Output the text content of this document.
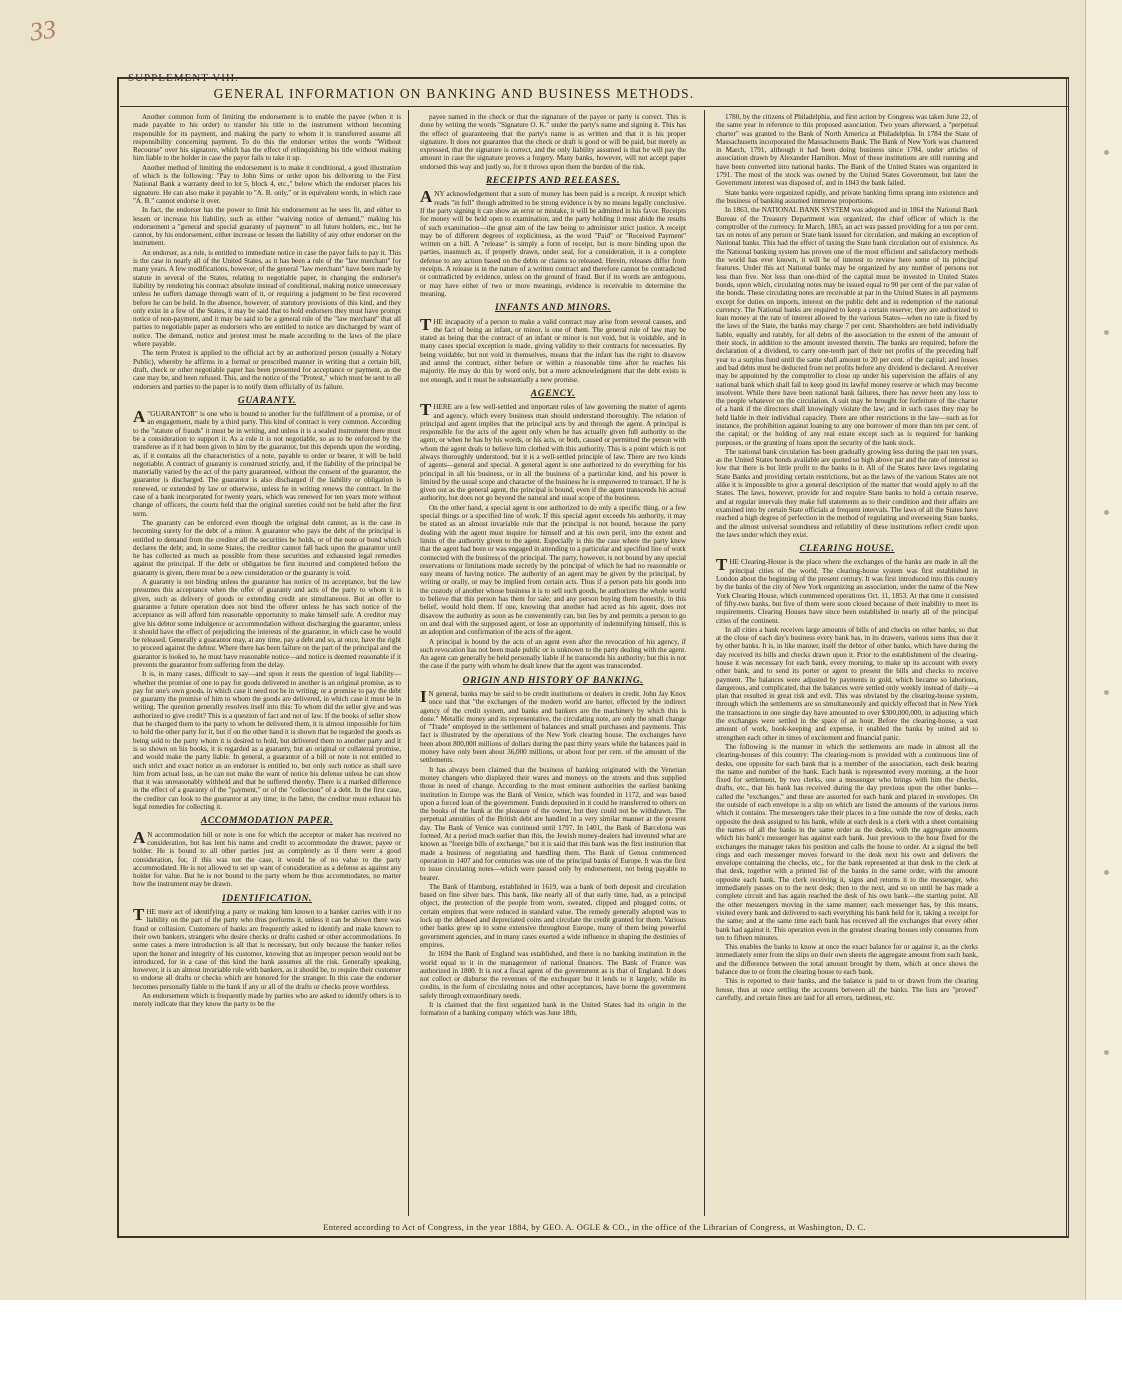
33
SUPPLEMENT VIII.
GENERAL INFORMATION ON BANKING AND BUSINESS METHODS.

Another common form of limiting the endorsement is to enable the payee (when it is made payable to his order) to transfer his title to the instrument without becoming responsible for its payment, and making the party to whom it is transferred assume all responsibility concerning payment. To do this the endorser writes the words "Without Recourse" over his signature, which has the effect of relinquishing his title without making him liable to the holder in case the payor fails to take it up.

Another method of limiting the endorsement is to make it conditional, a good illustration of which is the following: "Pay to John Sims or order upon his delivering to the First National Bank a warranty deed to lot 5, block 4, etc.," below which the endorser places his signature. He can also make it payable to "A. B. only," or in equivalent words, in which case "A. B." cannot endorse it over.

In fact, the endorser has the power to limit his endorsement as he sees fit, and either to lessen or increase his liability, such as either "waiving notice of demand," making his endorsement a "general and special guaranty of payment" to all future holders, etc., but he cannot, by his endorsement, either increase or lessen the liability of any other endorser on the instrument.

An endorser, as a rule, is entitled to immediate notice in case the payor fails to pay it. This is the case in nearly all of the United States, as it has been a rule of the "law merchant" for many years. A few modifications, however, of the general "law merchant" have been made by statute in several of the States, relating to negotiable paper, in changing the endorser's liability by rendering his contract absolute instead of conditional, making notice unnecessary unless he suffers damage through want of it, or requiring a judgment to be first recovered before he can be held. In the absence, however, of statutory provisions of this kind, and they only exist in a few of the States, it may be said that to hold endorsers they must have prompt notice of non-payment, and it may be said to be a general rule of the "law merchant" that all parties to negotiable paper as endorsers who are entitled to notice are discharged by want of notice. The demand, notice and protest must be made according to the laws of the place where payable.

The term Protest is applied to the official act by an authorized person (usually a Notary Public), whereby he affirms in a formal or prescribed manner in writing that a certain bill, draft, check or other negotiable paper has been presented for acceptance or payment, as the case may be, and been refused. This, and the notice of the "Protest," which must be sent to all endorsers and parties to the paper is to notify them officially of its failure.

GUARANTY.

A"GUARANTOR" is one who is bound to another for the fulfillment of a promise, or of an engagement, made by a third party. This kind of contract is very common. According to the "statute of frauds" it must be in writing, and unless it is a sealed instrument there must be a consideration to support it. As a rule it is not negotiable, so as to be enforced by the transferee as if it had been given to him by the guarantor, but this depends upon the wording, as, if it contains all the characteristics of a note, payable to order or bearer, it will be held negotiable. A contract of guaranty is construed strictly, and, if the liability of the principal be materially varied by the act of the party guaranteed, without the consent of the guarantor, the guarantor is discharged. The guarantor is also discharged if the liability or obligation is renewed, or extended by law or otherwise, unless he in writing renews the contract. In the case of a bank incorporated for twenty years, which was renewed for ten years more without change of officers, the courts held that the original sureties could not be held after the first term.

The guaranty can be enforced even though the original debt cannot, as is the case in becoming surety for the debt of a minor. A guarantor who pays the debt of the principal is entitled to demand from the creditor all the securities he holds, or of the note or bond which declares the debt; and, in some States, the creditor cannot fall back upon the guarantor until he has collected as much as possible from these securities and exhausted legal remedies against the principal. If the debt or obligation be first incurred and completed before the guaranty is given, there must be a new consideration or the guaranty is void.

A guaranty is not binding unless the guarantor has notice of its acceptance, but the law presumes this acceptance when the offer of guaranty and acts of the party to whom it is given, such as delivery of goods or extending credit are simultaneous. But an offer to guarantee a future operation does not bind the offerer unless he has such notice of the acceptance as will afford him reasonable opportunity to make himself safe. A creditor may give his debtor some indulgence or accommodation without discharging the guarantor, unless it should have the effect of prejudicing the interests of the guarantor, in which case he would be released. Generally a guarantor may, at any time, pay a debt and so, at once, have the right to proceed against the debtor. Where there has been failure on the part of the principal and the guarantor is looked to, he must have reasonable notice—and notice is deemed reasonable if it prevents the guarantor from suffering from the delay.

It is, in many cases, difficult to say—and upon it rests the question of legal liability—whether the promise of one to pay for goods delivered to another is an original promise, as to pay for one's own goods, in which case it need not be in writing; or a promise to pay the debt or guaranty the promise of him to whom the goods are delivered, in which case it must be in writing. The question generally resolves itself into this: To whom did the seller give and was authorized to give credit? This is a question of fact and not of law. If the books of seller show that he charged them to the party to whom he delivered them, it is almost impossible for him to hold the other party for it, but if on the other hand it is shown that he regarded the goods as being sold to the party whom it is desired to hold, but delivered them to another party and it is so shown on his books, it is regarded as a guaranty, but an original or collateral promise, and would make the party liable. In general, a guarantor of a bill or note is not entitled to such strict and exact notice as an endorser is entitled to, but only such notice as shall save him from actual loss, as he can not make the want of notice his defense unless he can show that it was unreasonably withheld and that he suffered thereby. There is a marked difference in the effect of a guaranty of the "payment," or of the "collection" of a debt. In the first case, the creditor can look to the guarantor at any time; in the latter, the creditor must exhaust his legal remedies for collecting it.

ACCOMMODATION PAPER.

AN accommodation bill or note is one for which the acceptor or maker has received no consideration, but has lent his name and credit to accommodate the drawer, payee or holder. He is bound to all other parties just as completely as if there were a good consideration, for, if this was not the case, it would be of no value to the party accommodated. He is not allowed to set up want of consideration as a defense as against any holder for value. But he is not bound to the party whom he thus accommodates, no matter how the instrument may be drawn.

IDENTIFICATION.

THE mere act of identifying a party or making him known to a banker carries with it no liability on the part of the party who thus preforms it, unless it can be shown there was fraud or collusion. Customers of banks are frequently asked to identify and make known to their own bankers, strangers who desire checks or drafts cashed or other accommodations. In some cases a mere introduction is all that is necessary, but only because the banker relies upon the honor and integrity of his customer, knowing that an improper person would not be introduced, for in a case of this kind the bank assumes all the risk. Generally speaking, however, it is an almost invariable rule with bankers, as it should be, to require their customer to endorse all drafts or checks which are honored for the stranger. In this case the endorser becomes personally liable to the bank if any or all of the drafts or checks prove worthless.

An endorsement which is frequently made by parties who are asked to identify others is to merely indicate that they know the party to be the

payee named in the check or that the signature of the payee or party is correct. This is done by writing the words "Signature O. K." under the party's name and signing it. This has the effect of guaranteeing that the party's name is as written and that it is his proper signature. It does not guarantee that the check or draft is good or will be paid, but merely as expressed, that the signature is correct, and the only liability assumed is that he will pay the amount in case the signature proves a forgery. Many banks, however, will not accept paper endorsed this way and justly so, for it throws upon them the burden of the risk.

RECEIPTS AND RELEASES.

ANY acknowledgement that a sum of money has been paid is a receipt. A receipt which reads "in full" though admitted to be strong evidence is by no means legally conclusive. If the party signing it can show an error or mistake, it will be admitted in his favor. Receipts for money will be held open to examination, and the party holding it must abide the results of such examination—the great aim of the law being to administer strict justice. A receipt may be of different degrees of explicitness, as the word "Paid" or "Received Payment" written on a bill. A "release" is simply a form of receipt, but is more binding upon the parties, inasmuch as, if properly drawn, under seal, for a consideration, it is a complete defense to any action based on the debts or claims so released. Herein, releases differ from receipts. A release is in the nature of a written contract and therefore cannot be contradicted or contradicted by evidence, unless on the ground of fraud. But if its words are ambiguous, or may have either of two or more meanings, evidence is receivable to determine the meaning.

INFANTS AND MINORS.

THE incapacity of a person to make a valid contract may arise from several causes, and the fact of being an infant, or minor, is one of them. The general rule of law may be stated as being that the contract of an infant or minor is not void, but is voidable, and in many cases special exception is made, giving validity to their contracts for necessaries. By being voidable, but not void in themselves, means that the infant has the right to disavow and annul the contract, either before or within a reasonable time after he reaches his majority. He may do this by word only, but a mere acknowledgment that the debt exists is not enough, and it must be substantially a new promise.

AGENCY.

THERE are a few well-settled and important rules of law governing the matter of agents and agency, which every business man should understand thoroughly. The relation of principal and agent implies that the principal acts by and through the agent. A principal is responsible for the acts of the agent only when he has actually given full authority to the agent, or when he has by his words, or his acts, or both, caused or permitted the person with whom the agent deals to believe him clothed with this authority. This is a point which is not always thoroughly understood, but it is a well-settled principle of law. There are two kinds of agents—general and special. A general agent is one authorized to do everything for his principal in all his business, or in all the business of a particular kind, and his power is limited by the usual scope and character of the business he is empowered to transact. If he is given out as the general agent, the principal is bound, even if the agent transcends his actual authority, but does not go beyond the natural and usual scope of the business.

On the other hand, a special agent is one authorized to do only a specific thing, or a few special things or a specified line of work. If this special agent exceeds his authority, it may be stated as an almost invariable rule that the principal is not bound, because the party dealing with the agent must inquire for himself and at his own peril, into the extent and limits of the authority given to the agent. Especially is this the case where the party knew that the agent had been or was engaged in attending to a particular and specified line of work connected with the business of the principal. The party, however, is not bound by any special reservations or limitations made secretly by the principal of which he had no reasonable or easy means of having notice. The authority of an agent may be given by the principal, by writing or orally, or may be implied from certain acts. Thus if a person puts his goods into the custody of another whose business it is to sell such goods, he authorizes the whole world to believe that this person has them for sale; and any person buying them honestly, in this belief, would hold them. If one, knowing that another had acted as his agent, does not disavow the authority as soon as he conveniently can, but lies by and permits a person to go on and deal with the supposed agent, or lose an opportunity of indemnifying himself, this is an adoption and confirmation of the acts of the agent.

A principal is bound by the acts of an agent even after the revocation of his agency, if such revocation has not been made public or is unknown to the party dealing with the agent. An agent can generally be held personally liable if he transcends his authority; but this is not the case if the party with whom he dealt knew that the agent was transcended.

ORIGIN AND HISTORY OF BANKING.

IN general, banks may be said to be credit institutions or dealers in credit. John Jay Knox once said that "the exchanges of the modern world are barter, effected by the indirect agency of the credit system, and banks and bankers are the machinery by which this is done." Metallic money and its representative, the circulating note, are only the small change of "Trade" employed in the settlement of balances and small purchases and payments. This fact is illustrated by the operations of the New York clearing house. The exchanges have been about 800,000 millions of dollars during the past thirty years while the balances paid in money have only been about 36,000 millions, or about four per cent. of the amount of the settlements.

It has always been claimed that the business of banking originated with the Venetian money changers who displayed their wares and moneys on the streets and thus supplied those in need of change. According to the most eminent authorities the earliest banking institution in Europe was the Bank of Venice, which was founded in 1172, and was based upon a forced loan of the government. Funds deposited in it could be transferred to others on the books of the bank at the pleasure of the owner, but they could not be withdrawn. The perpetual annuities of the British debt are handled in a very similar manner at the present day. The Bank of Venice was continued until 1797. In 1401, the Bank of Barcelona was formed. At a period much earlier than this, the Jewish money-dealers had invented what are known as "foreign bills of exchange," but it is said that this bank was the first institution that made a business of negotiating and handling them. The Bank of Genoa commenced operation in 1407 and for centuries was one of the principal banks of Europe. It was the first to issue circulating notes—which were passed only by endorsement, not being payable to bearer.

The Bank of Hamburg, established in 1619, was a bank of both deposit and circulation based on fine silver bars. This bank, like nearly all of that early time, had, as a principal object, the protection of the people from worn, sweated, clipped and plugged coins, or certain empires that were reduced in standard value. The remedy generally adopted was to lock up the debased and depreciated coins and circulate the credit granted for them. Various other banks grew up to some extensive throughout Europe, many of them being powerful government agencies, and in many cases exerted a wide influence in shaping the destinies of empires.

In 1694 the Bank of England was established, and there is no banking institution in the world equal to it in the management of national finances. The Bank of France was authorized in 1800. It is not a fiscal agent of the government as is that of England. It does not collect or disburse the revenues of the exchequer but it lends to it largely, while its credits, in the form of circulating notes and other acceptances, have borne the government safely through extraordinary needs.

It is claimed that the first organized bank in the United States had its origin in the formation of a banking company which was June 18th,

1780, by the citizens of Philadelphia, and first action by Congress was taken June 22, of the same year in reference to this proposed association. Two years afterward, a "perpetual charter" was granted to the Bank of North America at Philadelphia. In 1784 the State of Massachusetts incorporated the Massachusetts Bank. The Bank of New York was chartered in March, 1791, although it had been doing business since 1784, under articles of association drawn by Alexander Hamilton. Most of these institutions are still running and have been converted into national banks. The Bank of the United States was organized in 1791. The most of the stock was owned by the United States Government, but later the Government interest was disposed of, and in 1843 the bank failed.

State banks were organized rapidly, and private banking firms sprang into existence and the business of banking assumed immense proportions.

In 1863, the NATIONAL BANK SYSTEM was adopted and in 1864 the National Bank Bureau of the Treasury Department was organized, the chief officer of which is the comptroller of the currency. In March, 1865, an act was passed providing for a ten per cent. tax on notes of any person or State bank issued for circulation, and making an exception of National banks. This had the effect of taxing the State bank circulation out of existence. As the National banking system has proven one of the most efficient and satisfactory methods the world has ever known, it will be of interest to review here some of its principal features. Under this act National banks may be organized by any number of persons not less than five. Not less than one-third of the capital must be invested in United States bonds, upon which, circulating notes may be issued equal to 90 per cent of the par value of the bonds. These circulating notes are receivable at par in the United States in all payments except for duties on imports, interest on the public debt and in redemption of the national currency. The National banks are required to keep a certain reserve; they are authorized to loan money at the rate of interest allowed by the various States—when no rate is fixed by the laws of the State, the banks may charge 7 per cent. Shareholders are held individually liable, equally and ratably, for all debts of the association to the extent of the amount of their stock, in addition to the amount invested therein. The banks are required, before the declaration of a dividend, to carry one-tenth part of their net profits of the preceding half year to a surplus fund until the same shall amount to 20 per cent. of the capital; and losses and bad debts must be deducted from net profits before any dividend is declared. A receiver may be appointed by the comptroller to close up under his supervision the affairs of any national bank which shall fail to keep good its lawful money reserve or which may become insolvent. While there have been national bank failures, there has never been any loss to the people whatever on the circulation. A suit may be brought for forfeiture of the charter of a bank if the directors shall knowingly violate the law; and in such cases they may be held liable in their individual capacity. There are other restrictions in the law—such as for instance, the prohibition against loaning to any one borrower of more than ten per cent. of the capital; or the holding of any real estate except such as is required for banking purposes, or the granting of loans upon the security of the bank stock.

The national bank circulation has been gradually growing less during the past ten years, as the United States bonds available are quoted so high above par and the rate of interest so low that there is but little profit to the banks in it. All of the States have laws regulating State Banks and providing certain restrictions, but as the laws of the various States are not alike it is impossible to give a general description of the matter that would apply to all the States. The laws, however, provide for and require State banks to hold a certain reserve, and at regular intervals they make full statements as to their condition and their affairs are examined into by certain State officials at frequent intervals. The laws of all the States have reached a high degree of perfection in the method of regulating and overseeing State banks, and the almost universal soundness and reliability of these institutions reflect credit upon the laws under which they exist.

CLEARING HOUSE.

THE Clearing-House is the place where the exchanges of the banks are made in all the principal cities of the world. The clearing-house system was first established in London about the beginning of the present century. It was first introduced into this country by the banks of the city of New York organizing an association, under the name of the New York Clearing House, which commenced operations Oct. 11, 1853. At that time it consisted of fifty-two banks, but five of them were soon closed because of their inability to meet its requirements. Clearing Houses have since been established in nearly all of the principal cities of the continent.

In all cities a bank receives large amounts of bills of and checks on other banks, so that at the close of each day's business every bank has, in its drawers, various sums thus due it by other banks. It is, in like manner, itself the debtor of other banks, which have during the day received its bills and checks drawn upon it. Prior to the establishment of the clearing-house it was necessary for each bank, every morning, to make up its account with every other bank, and to send its porter or agent to present the bills and checks to receive payment. The balances were adjusted by payments in gold, which became so laborious, dangerous, and complicated, that the balances were settled only weekly instead of daily—a plan that resulted in great risk and evil. This was obviated by the clearing-house system, through which the settlements are so simultaneously and quickly effected that in New York the transactions in one single day have amounted to over $300,000,000, in adjusting which the exchanges were settled in the space of an hour. Before the clearing-house, a vast amount of work, book-keeping and expense, it enabled the banks by united aid to strengthen each other in times of excitement and financial panic.

The following is the manner in which the settlements are made in almost all the clearing-houses of this country: The clearing-room is provided with a continuous line of desks, one opposite for each bank that is a member of the association, each desk bearing the name and number of the bank. Each bank is represented every morning, at the hour fixed for settlement, by two clerks, one a messenger who brings with him the checks, drafts, etc., that his bank has received during the day previous upon the other banks—called the "exchanges," and these are assorted for each bank and placed in envelopes. On the outside of each envelope is a slip on which are listed the amounts of the various items which it contains. The messengers take their places in a line outside the row of desks, each opposite the desk assigned to his bank, while at each desk is a clerk with a sheet containing the names of all the banks in the same order as the desks, with the aggregate amounts which his bank's messenger has against each bank. Just previous to the hour fixed for the exchanges the manager takes his position and calls the house to order. At a signal the bell rings and each messenger moves forward to the desk next his own and delivers the envelope containing the checks, etc., for the bank represented at that desk to the clerk at that desk, together with a printed list of the banks in the same order, with the amount opposite each bank. The clerk receiving it, signs and returns it to the messenger, who immediately passes on to the next desk; then to the next, and so on until he has made a complete circuit and has again reached the desk of his own bank—the starting point. All the other messengers moving in the same manner; each messenger has, by this means, visited every bank and delivered to each everything his bank held for it, taking a receipt for the same; and at the same time each bank has received all the exchanges that every other bank had against it. This operation even in the greatest clearing houses only consumes from ten to fifteen minutes.

This enables the banks to know at once the exact balance for or against it, as the clerks immediately enter from the slips on their own sheets the aggregate amount from each bank, and the difference between the total amount brought by them, which at once shows the balance due to or from the clearing house to each bank.

This is reported to their banks, and the balance is paid to or drawn from the clearing house, thus at once settling the accounts between all the banks. The lists are "proved" carefully, and certain fines are laid for all errors, tardiness, etc.

Entered according to Act of Congress, in the year 1884, by GEO. A. OGLE & CO., in the office of the Librarian of Congress, at Washington, D. C.
